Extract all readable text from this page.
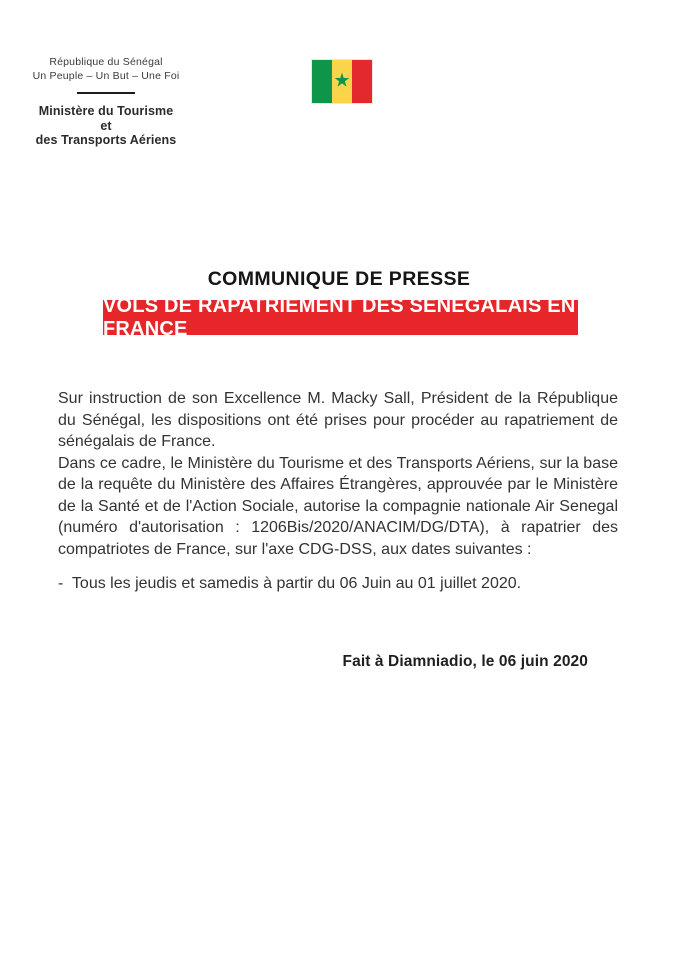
République du Sénégal
Un Peuple – Un But – Une Foi
Ministère du Tourisme
et
des Transports Aériens
★
COMMUNIQUE DE PRESSE
VOLS DE RAPATRIEMENT DES SÉNÉGALAIS EN FRANCE

Sur instruction de son Excellence M. Macky Sall, Président de la République du Sénégal, les dispositions ont été prises pour procéder au rapatriement de sénégalais de France.

Dans ce cadre, le Ministère du Tourisme et des Transports Aériens, sur la base de la requête du Ministère des Affaires Étrangères, approuvée par le Ministère de la Santé et de l'Action Sociale, autorise la compagnie nationale Air Senegal (numéro d'autorisation : 1206Bis/2020/ANACIM/DG/DTA), à rapatrier des compatriotes de France, sur l'axe CDG-DSS, aux dates suivantes :

-  Tous les jeudis et samedis à partir du 06 Juin au 01 juillet 2020.

Fait à Diamniadio, le 06 juin 2020
